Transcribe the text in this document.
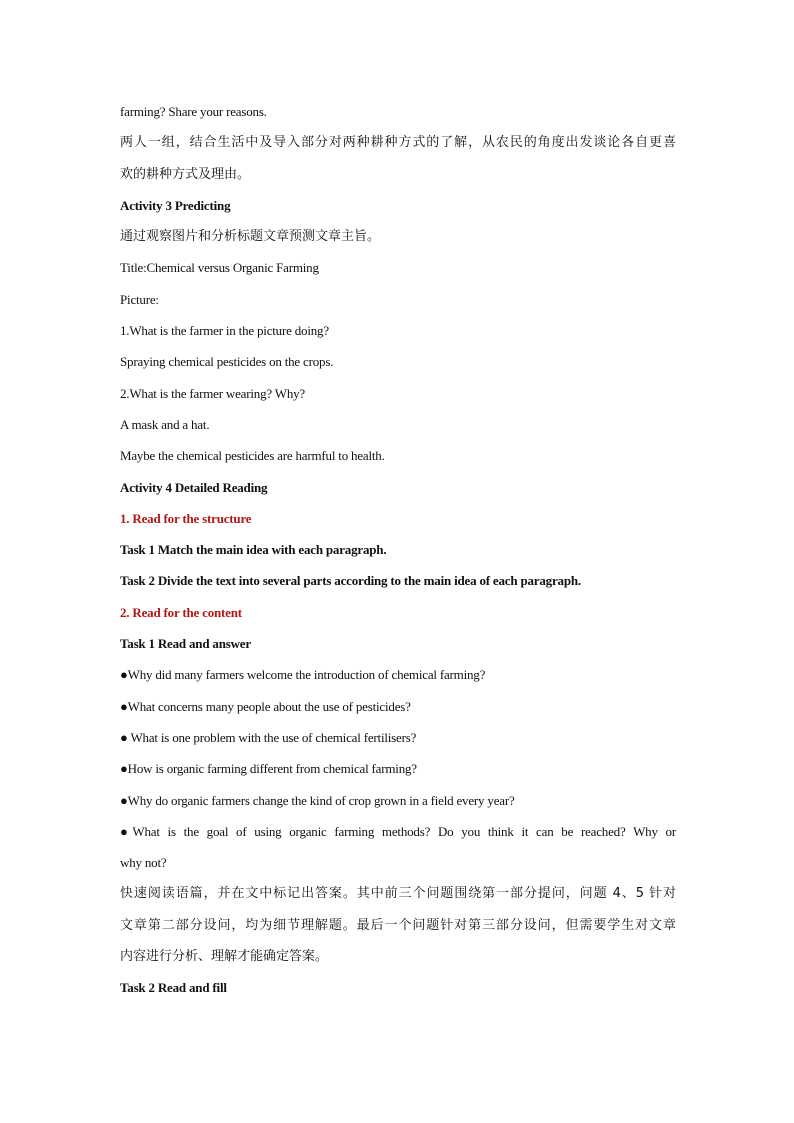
farming? Share your reasons.
两人一组，结合生活中及导入部分对两种耕种方式的了解，从农民的角度出发谈论各自更喜
欢的耕种方式及理由。
Activity 3 Predicting
通过观察图片和分析标题文章预测文章主旨。
Title:Chemical versus Organic Farming
Picture:
1.What is the farmer in the picture doing?
Spraying chemical pesticides on the crops.
2.What is the farmer wearing? Why?
A mask and a hat.
Maybe the chemical pesticides are harmful to health.
Activity 4 Detailed Reading
1. Read for the structure
Task 1 Match the main idea with each paragraph.
Task 2 Divide the text into several parts according to the main idea of each paragraph.
2. Read for the content
Task 1 Read and answer
●Why did many farmers welcome the introduction of chemical farming?
●What concerns many people about the use of pesticides?
● What is one problem with the use of chemical fertilisers?
●How is organic farming different from chemical farming?
●Why do organic farmers change the kind of crop grown in a field every year?
●What is the goal of using organic farming methods? Do you think it can be reached? Why or
why not?
快速阅读语篇，并在文中标记出答案。其中前三个问题围绕第一部分提问，问题 4、5 针对
文章第二部分设问，均为细节理解题。最后一个问题针对第三部分设问，但需要学生对文章
内容进行分析、理解才能确定答案。
Task 2 Read and fill
